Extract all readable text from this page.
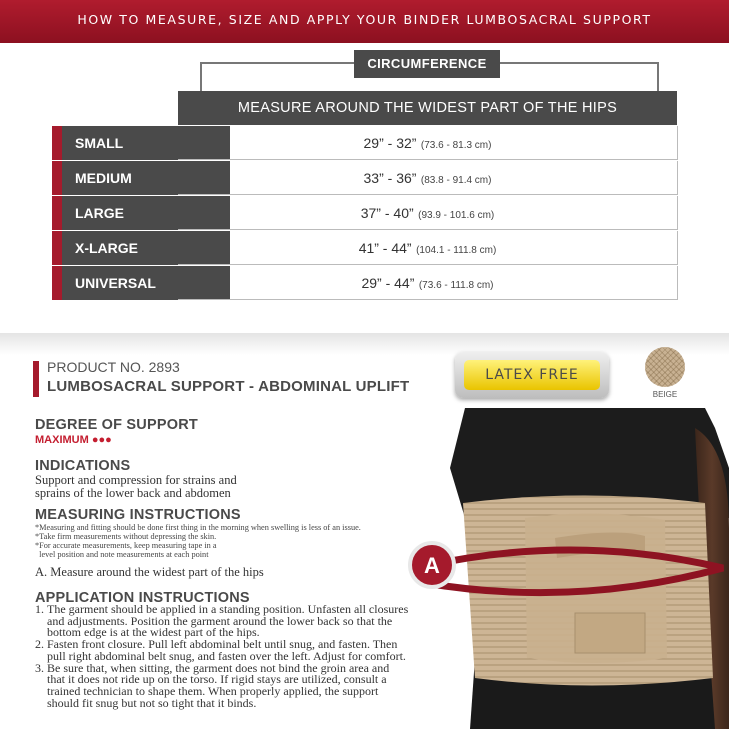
HOW TO MEASURE, SIZE AND APPLY YOUR BINDER LUMBOSACRAL SUPPORT
CIRCUMFERENCE
MEASURE AROUND THE WIDEST PART OF THE HIPS
SMALL	29” - 32” (73.6 - 81.3 cm)
MEDIUM	33” - 36” (83.8 - 91.4 cm)
LARGE	37” - 40” (93.9 - 101.6 cm)
X-LARGE	41” - 44” (104.1 - 111.8 cm)
UNIVERSAL	29” - 44” (73.6 - 111.8 cm)
PRODUCT NO. 2893
LUMBOSACRAL SUPPORT - ABDOMINAL UPLIFT
LATEX FREE
BEIGE
A
DEGREE OF SUPPORT
MAXIMUM ●●●
INDICATIONS
Support and compression for strains and
sprains of the lower back and abdomen
MEASURING INSTRUCTIONS
*Measuring and fitting should be done first thing in the morning when swelling is less of an issue.
*Take firm measurements without depressing the skin.
*For accurate measurements, keep measuring tape in a
level position and note measurements at each point
A. Measure around the widest part of the hips
APPLICATION INSTRUCTIONS
1. The garment should be applied in a standing position. Unfasten all closures
and adjustments. Position the garment around the lower back so that the
bottom edge is at the widest part of the hips.
2. Fasten front closure. Pull left abdominal belt until snug, and fasten. Then
pull right abdominal belt snug, and fasten over the left. Adjust for comfort.
3. Be sure that, when sitting, the garment does not bind the groin area and
that it does not ride up on the torso. If rigid stays are utilized, consult a
trained technician to shape them. When properly applied, the support
should fit snug but not so tight that it binds.
